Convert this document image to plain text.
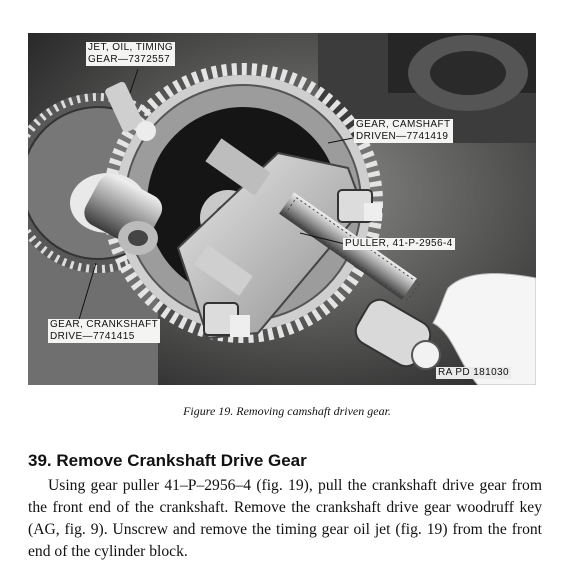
JET, OIL, TIMING
GEAR—7372557
GEAR, CAMSHAFT
DRIVEN—7741419
PULLER, 41-P-2956-4
GEAR, CRANKSHAFT
DRIVE—7741415
RA PD 181030
Figure 19. Removing camshaft driven gear.
39. Remove Crankshaft Drive Gear
Using gear puller 41–P–2956–4 (fig. 19), pull the crankshaft drive gear from the front end of the crankshaft. Remove the crankshaft drive gear woodruff key (AG, fig. 9). Unscrew and remove the timing gear oil jet (fig. 19) from the front end of the cylinder block.
